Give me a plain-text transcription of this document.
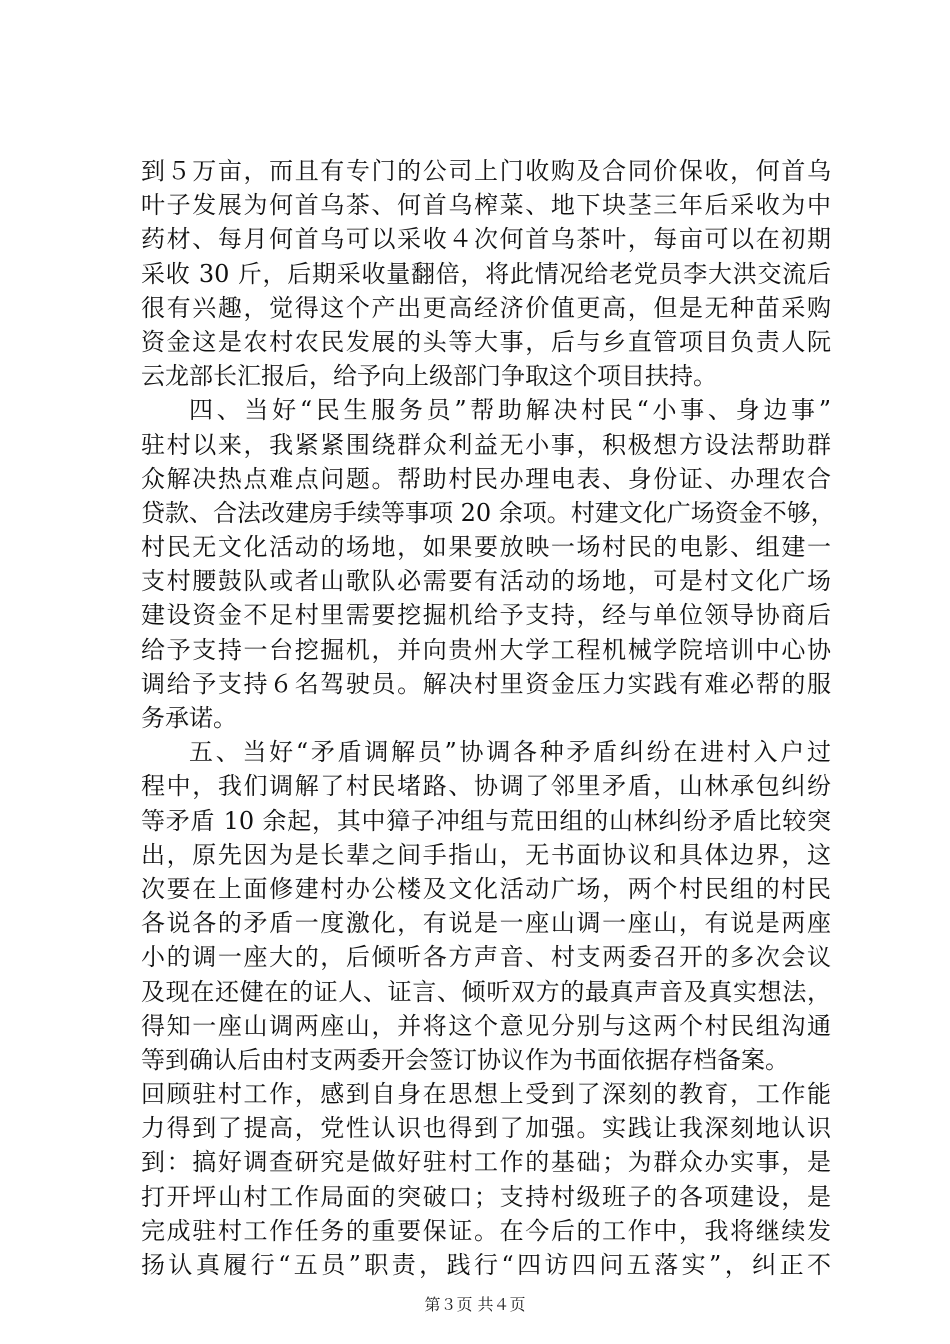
到５万亩，而且有专门的公司上门收购及合同价保收，何首乌
叶子发展为何首乌茶、何首乌榨菜、地下块茎三年后采收为中
药材、每月何首乌可以采收４次何首乌茶叶，每亩可以在初期
采收 30 斤，后期采收量翻倍，将此情况给老党员李大洪交流后
很有兴趣，觉得这个产出更高经济价值更高，但是无种苗采购
资金这是农村农民发展的头等大事，后与乡直管项目负责人阮
云龙部长汇报后，给予向上级部门争取这个项目扶持。
四、当好“民生服务员”帮助解决村民“小事、身边事”
驻村以来，我紧紧围绕群众利益无小事，积极想方设法帮助群
众解决热点难点问题。帮助村民办理电表、身份证、办理农合
贷款、合法改建房手续等事项 20 余项。村建文化广场资金不够，
村民无文化活动的场地，如果要放映一场村民的电影、组建一
支村腰鼓队或者山歌队必需要有活动的场地，可是村文化广场
建设资金不足村里需要挖掘机给予支持，经与单位领导协商后
给予支持一台挖掘机，并向贵州大学工程机械学院培训中心协
调给予支持６名驾驶员。解决村里资金压力实践有难必帮的服
务承诺。
五、当好“矛盾调解员”协调各种矛盾纠纷在进村入户过
程中，我们调解了村民堵路、协调了邻里矛盾，山林承包纠纷
等矛盾 10 余起，其中獐子冲组与荒田组的山林纠纷矛盾比较突
出，原先因为是长辈之间手指山，无书面协议和具体边界，这
次要在上面修建村办公楼及文化活动广场，两个村民组的村民
各说各的矛盾一度激化，有说是一座山调一座山，有说是两座
小的调一座大的，后倾听各方声音、村支两委召开的多次会议
及现在还健在的证人、证言、倾听双方的最真声音及真实想法，
得知一座山调两座山，并将这个意见分别与这两个村民组沟通
等到确认后由村支两委开会签订协议作为书面依据存档备案。
回顾驻村工作，感到自身在思想上受到了深刻的教育，工作能
力得到了提高，党性认识也得到了加强。实践让我深刻地认识
到：搞好调查研究是做好驻村工作的基础；为群众办实事，是
打开坪山村工作局面的突破口；支持村级班子的各项建设，是
完成驻村工作任务的重要保证。在今后的工作中，我将继续发
扬认真履行“五员”职责，践行“四访四问五落实”，纠正不
第３页 共４页
